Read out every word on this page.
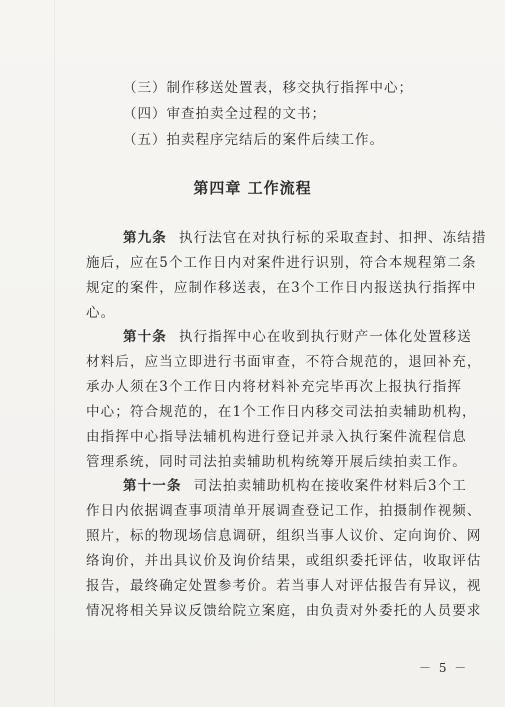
（三）制作移送处置表，移交执行指挥中心；
（四）审查拍卖全过程的文书；
（五）拍卖程序完结后的案件后续工作。
第四章 工作流程
第九条 执行法官在对执行标的采取查封、扣押、冻结措
施后，应在5个工作日内对案件进行识别，符合本规程第二条
规定的案件，应制作移送表，在3个工作日内报送执行指挥中
心。
第十条 执行指挥中心在收到执行财产一体化处置移送
材料后，应当立即进行书面审查，不符合规范的，退回补充，
承办人须在3个工作日内将材料补充完毕再次上报执行指挥
中心；符合规范的，在1个工作日内移交司法拍卖辅助机构，
由指挥中心指导法辅机构进行登记并录入执行案件流程信息
管理系统，同时司法拍卖辅助机构统筹开展后续拍卖工作。
第十一条 司法拍卖辅助机构在接收案件材料后3个工
作日内依据调查事项清单开展调查登记工作，拍摄制作视频、
照片，标的物现场信息调研，组织当事人议价、定向询价、网
络询价，并出具议价及询价结果，或组织委托评估，收取评估
报告，最终确定处置参考价。若当事人对评估报告有异议，视
情况将相关异议反馈给院立案庭，由负责对外委托的人员要求
－ 5 －
